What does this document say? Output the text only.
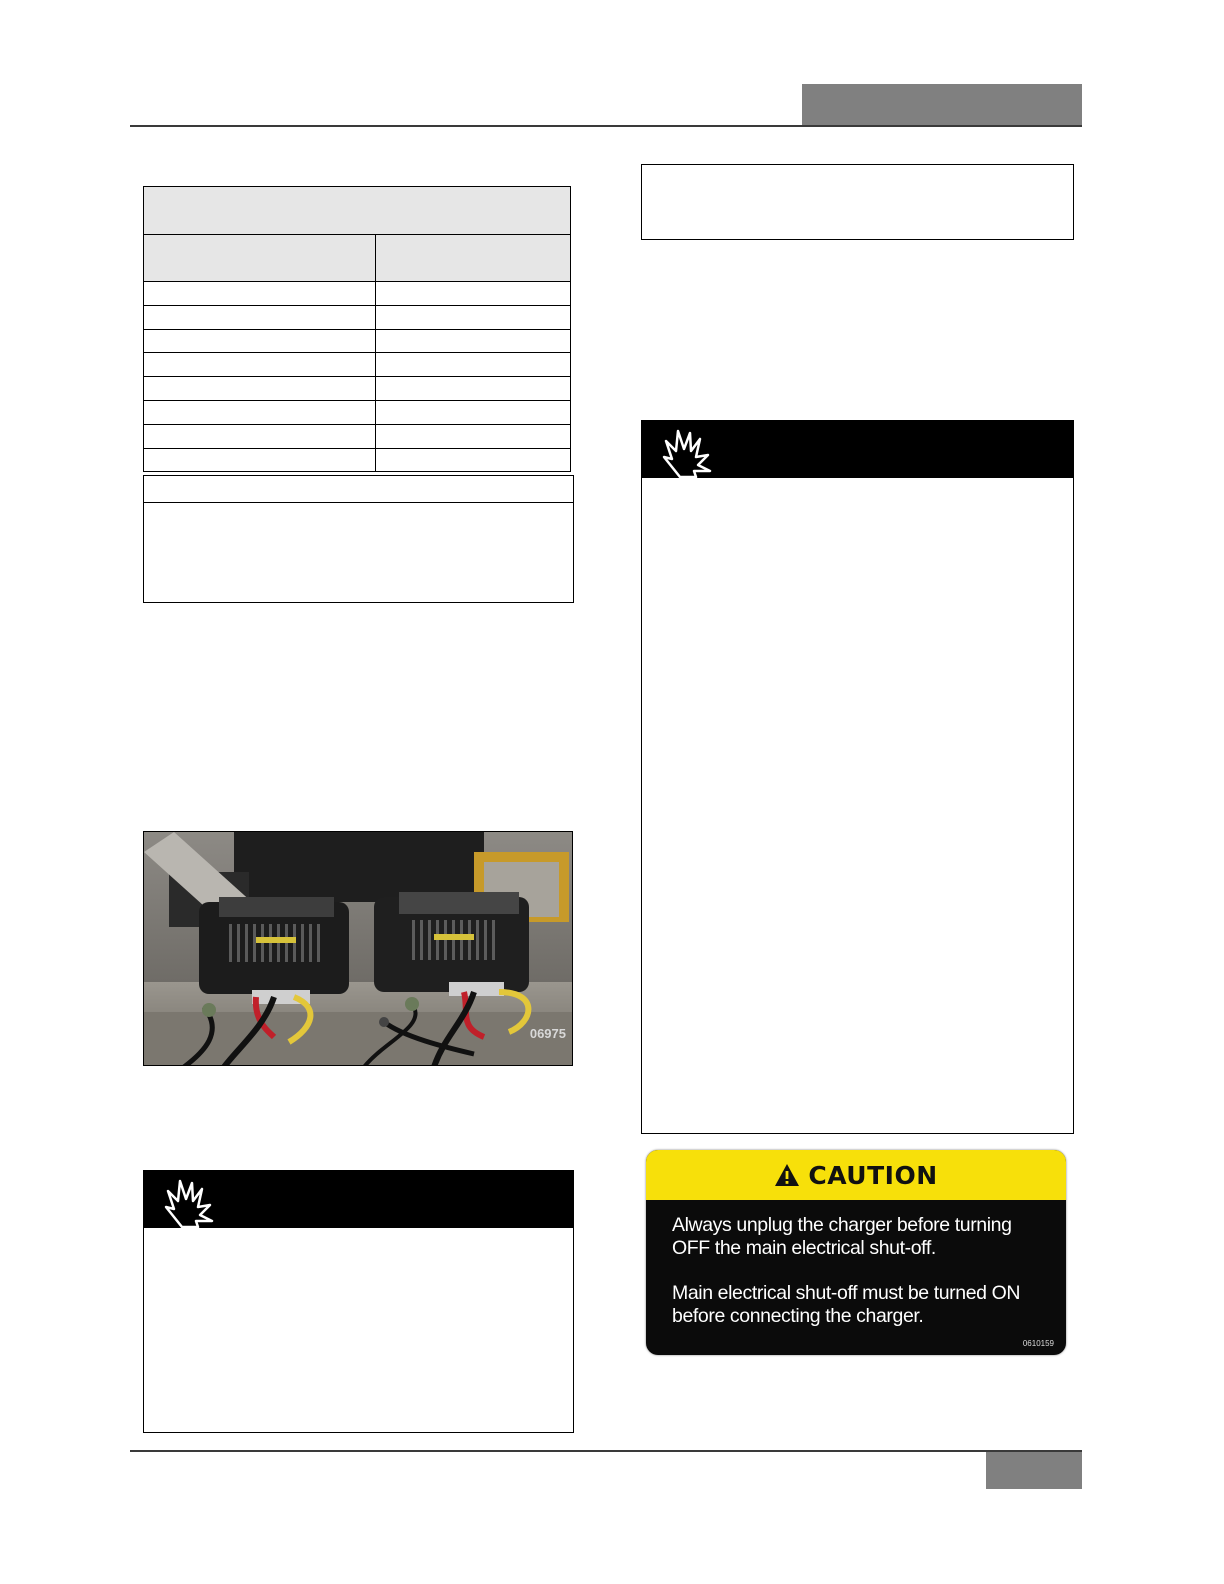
06975
CAUTION

Always unplug the charger before turning OFF the main electrical shut-off.

Main electrical shut-off must be turned ON before connecting the charger.

0610159
